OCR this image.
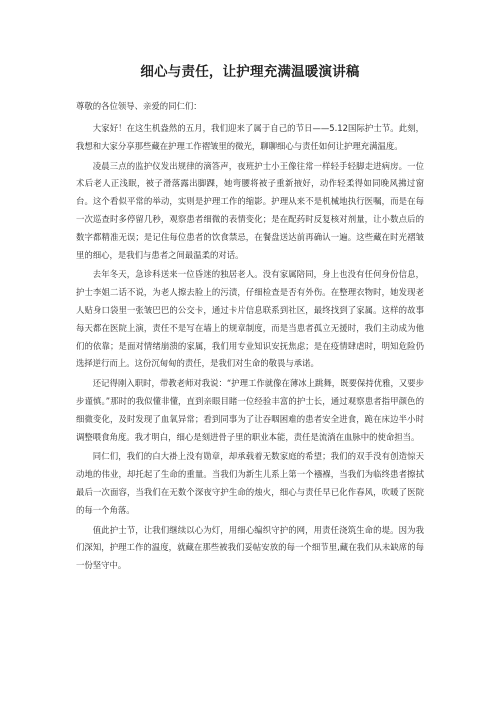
细心与责任，让护理充满温暖演讲稿

尊敬的各位领导、亲爱的同仁们：

大家好！在这生机盎然的五月，我们迎来了属于自己的节日——5.12国际护士节。此刻，我想和大家分享那些藏在护理工作褶皱里的微光，聊聊细心与责任如何让护理充满温度。

凌晨三点的监护仪发出规律的滴答声，夜班护士小王像往常一样轻手轻脚走进病房。一位术后老人正浅眠，被子滑落露出脚踝，她弯腰将被子重新掖好，动作轻柔得如同晚风拂过窗台。这个看似平常的举动，实则是护理工作的缩影。护理从来不是机械地执行医嘱，而是在每一次巡查时多停留几秒，观察患者细微的表情变化；是在配药时反复核对剂量，让小数点后的数字都精准无误；是记住每位患者的饮食禁忌，在餐盘送达前再确认一遍。这些藏在时光褶皱里的细心，是我们与患者之间最温柔的对话。

去年冬天，急诊科送来一位昏迷的独居老人。没有家属陪同，身上也没有任何身份信息，护士李姐二话不说，为老人擦去脸上的污渍，仔细检查是否有外伤。在整理衣物时，她发现老人贴身口袋里一张皱巴巴的公交卡，通过卡片信息联系到社区，最终找到了家属。这样的故事每天都在医院上演，责任不是写在墙上的规章制度，而是当患者孤立无援时，我们主动成为他们的依靠；是面对情绪崩溃的家属，我们用专业知识安抚焦虑；是在疫情肆虐时，明知危险仍选择逆行而上。这份沉甸甸的责任，是我们对生命的敬畏与承诺。

还记得刚入职时，带教老师对我说：“护理工作就像在薄冰上跳舞，既要保持优雅，又要步步谨慎。”那时的我似懂非懂，直到亲眼目睹一位经验丰富的护士长，通过观察患者指甲颜色的细微变化，及时发现了血氧异常；看到同事为了让吞咽困难的患者安全进食，跪在床边半小时调整喂食角度。我才明白，细心是刻进骨子里的职业本能，责任是流淌在血脉中的使命担当。

同仁们，我们的白大褂上没有勋章，却承载着无数家庭的希望；我们的双手没有创造惊天动地的伟业，却托起了生命的重量。当我们为新生儿系上第一个襁褓，当我们为临终患者擦拭最后一次面容，当我们在无数个深夜守护生命的烛火，细心与责任早已化作春风，吹暖了医院的每一个角落。

值此护士节，让我们继续以心为灯，用细心编织守护的网，用责任浇筑生命的堤。因为我们深知，护理工作的温度，就藏在那些被我们妥帖安放的每一个细节里,藏在我们从未缺席的每一份坚守中。
